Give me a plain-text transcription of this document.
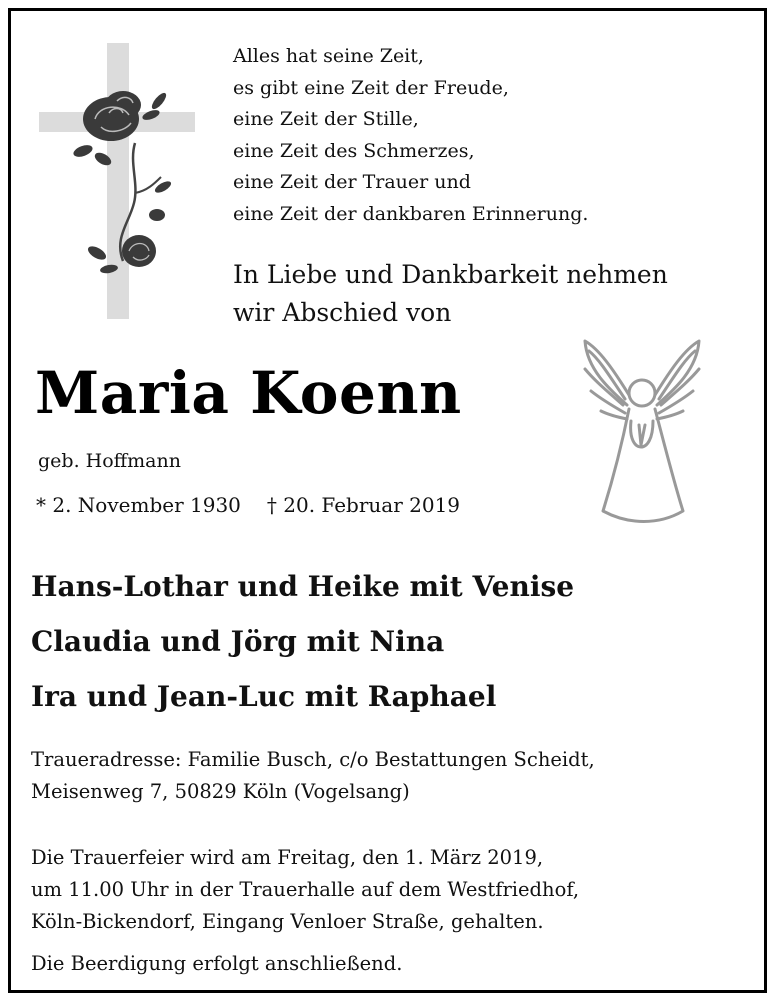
Alles hat seine Zeit,
es gibt eine Zeit der Freude,
eine Zeit der Stille,
eine Zeit des Schmerzes,
eine Zeit der Trauer und
eine Zeit der dankbaren Erinnerung.
In Liebe und Dankbarkeit nehmen
wir Abschied von
Maria Koenn
geb. Hoffmann
* 2. November 1930 † 20. Februar 2019
Hans-Lothar und Heike mit Venise
Claudia und Jörg mit Nina
Ira und Jean-Luc mit Raphael
Traueradresse: Familie Busch, c/o Bestattungen Scheidt,
Meisenweg 7, 50829 Köln (Vogelsang)
Die Trauerfeier wird am Freitag, den 1. März 2019,
um 11.00 Uhr in der Trauerhalle auf dem Westfriedhof,
Köln-Bickendorf, Eingang Venloer Straße, gehalten.
Die Beerdigung erfolgt anschließend.
